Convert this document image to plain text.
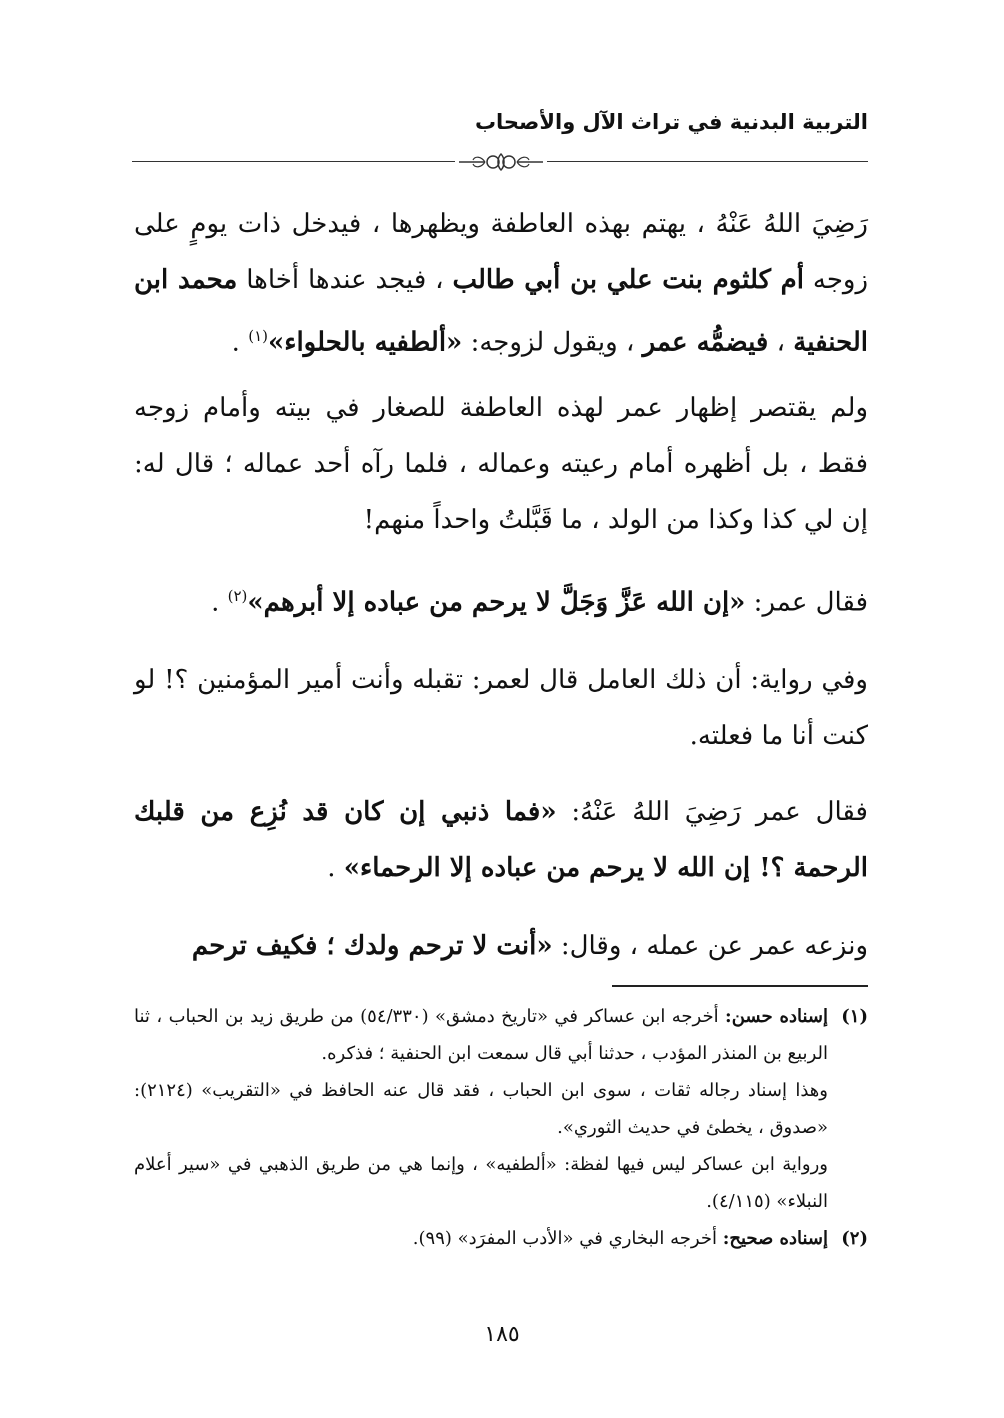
التربية البدنية في تراث الآل والأصحاب
رَضِيَ اللهُ عَنْهُ ، يهتم بهذه العاطفة ويظهرها ، فيدخل ذات يومٍ على زوجه أم كلثوم بنت علي بن أبي طالب ، فيجد عندها أخاها محمد ابن الحنفية ، فيضمُّه عمر ، ويقول لزوجه: «ألطفيه بالحلواء»$^{(١)}$ .
ولم يقتصر إظهار عمر لهذه العاطفة للصغار في بيته وأمام زوجه فقط ، بل أظهره أمام رعيته وعماله ، فلما رآه أحد عماله ؛ قال له: إن لي كذا وكذا من الولد ، ما قَبَّلتُ واحداً منهم!
فقال عمر: «إن الله عَزَّ وَجَلَّ لا يرحم من عباده إلا أبرهم»$^{(٢)}$ .
وفي رواية: أن ذلك العامل قال لعمر: تقبله وأنت أمير المؤمنين ؟! لو كنت أنا ما فعلته.
فقال عمر رَضِيَ اللهُ عَنْهُ: «فما ذنبي إن كان قد نُزِع من قلبك الرحمة ؟! إن الله لا يرحم من عباده إلا الرحماء» .
ونزعه عمر عن عمله ، وقال: «أنت لا ترحم ولدك ؛ فكيف ترحم
(١)
إسناده حسن: أخرجه ابن عساكر في «تاريخ دمشق» (٥٤/٣٣٠) من طريق زيد بن الحباب ، ثنا الربيع بن المنذر المؤدب ، حدثنا أبي قال سمعت ابن الحنفية ؛ فذكره.
وهذا إسناد رجاله ثقات ، سوى ابن الحباب ، فقد قال عنه الحافظ في «التقريب» (٢١٢٤): «صدوق ، يخطئ في حديث الثوري».
ورواية ابن عساكر ليس فيها لفظة: «ألطفيه» ، وإنما هي من طريق الذهبي في «سير أعلام النبلاء» (٤/١١٥).
(٢)
إسناده صحيح: أخرجه البخاري في «الأدب المفرَد» (٩٩).
١٨٥
